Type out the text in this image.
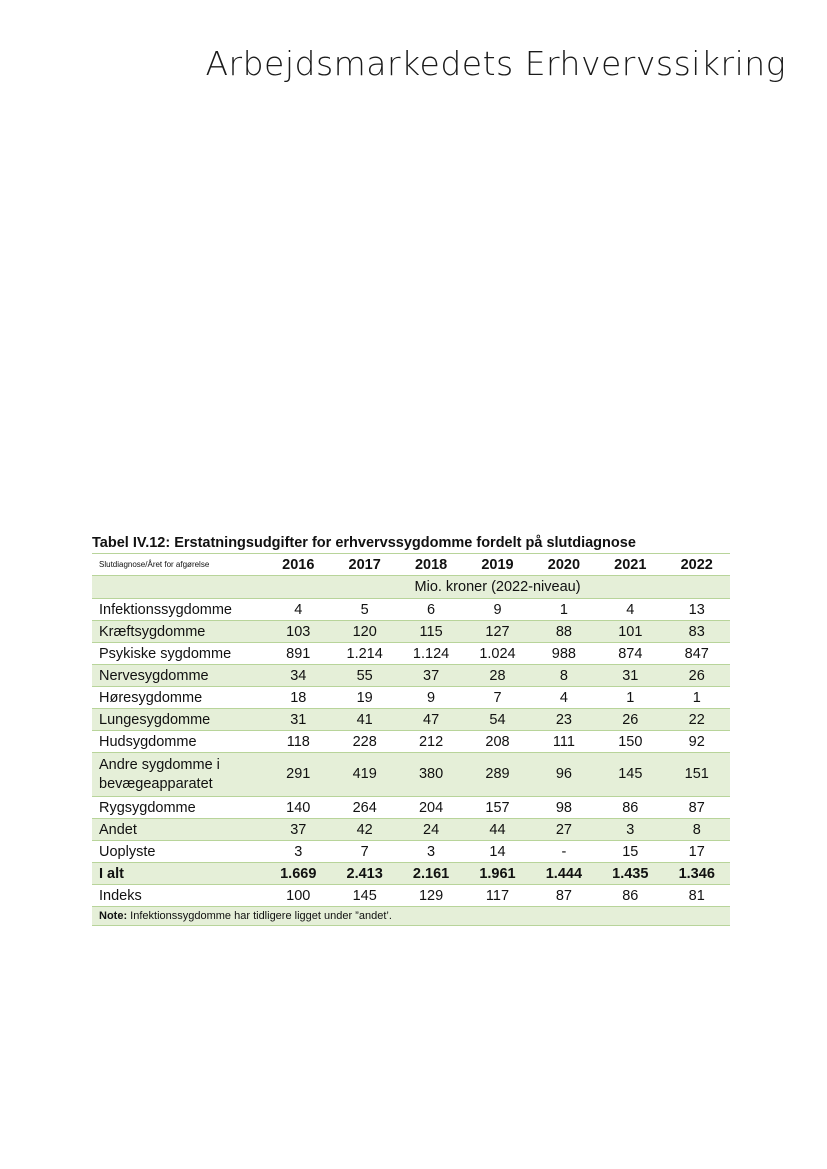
Arbejdsmarkedets Erhvervssikring
Tabel IV.12: Erstatningsudgifter for erhvervssygdomme fordelt på slutdiagnose
Slutdiagnose/Året for afgørelse	2016	2017	2018	2019	2020	2021	2022
	Mio. kroner (2022-niveau)						
Infektionssygdomme	4	5	6	9	1	4	13
Kræftsygdomme	103	120	115	127	88	101	83
Psykiske sygdomme	891	1.214	1.124	1.024	988	874	847
Nervesygdomme	34	55	37	28	8	31	26
Høresygdomme	18	19	9	7	4	1	1
Lungesygdomme	31	41	47	54	23	26	22
Hudsygdomme	118	228	212	208	111	150	92
Andre sygdomme i bevægeapparatet	291	419	380	289	96	145	151
Rygsygdomme	140	264	204	157	98	86	87
Andet	37	42	24	44	27	3	8
Uoplyste	3	7	3	14	-	15	17
I alt	1.669	2.413	2.161	1.961	1.444	1.435	1.346
Indeks	100	145	129	117	87	86	81
Note: Infektionssygdomme har tidligere ligget under ”andet’.							
